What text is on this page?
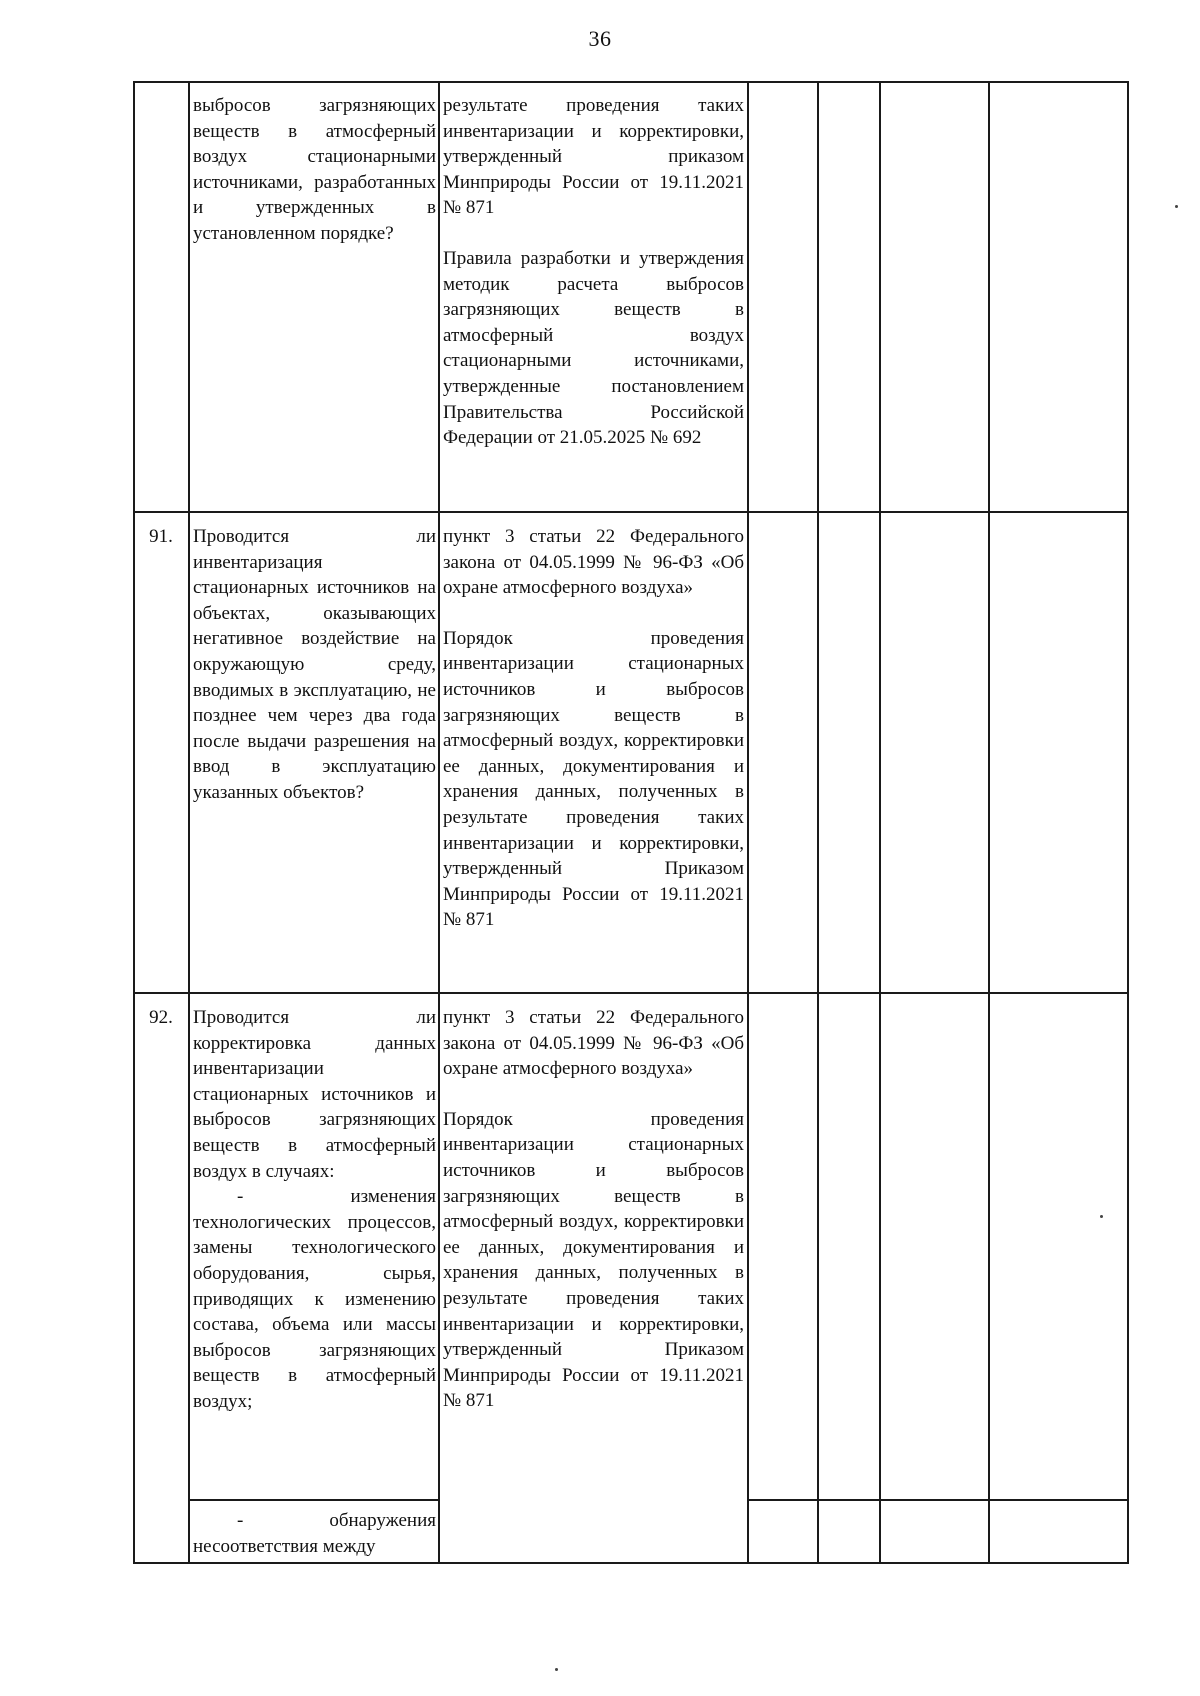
36

выбросов загрязняющих веществ в атмосферный воздух стационарными источниками, разработанных и утвержденных в установленном порядке?

результате проведения таких инвентаризации и корректировки, утвержденный приказом Минприроды России от 19.11.2021 № 871

Правила разработки и утверждения методик расчета выбросов загрязняющих веществ в атмосферный воздух стационарными источниками, утвержденные постановлением Правительства Российской Федерации от 21.05.2025 № 692

91.	Проводится ли инвентаризация стационарных источников на объектах, оказывающих негативное воздействие на окружающую среду, вводимых в эксплуатацию, не позднее чем через два года после выдачи разрешения на ввод в эксплуатацию указанных объектов?

пункт 3 статьи 22 Федерального закона от 04.05.1999 № 96-ФЗ «Об охране атмосферного воздуха»

Порядок проведения инвентаризации стационарных источников и выбросов загрязняющих веществ в атмосферный воздух, корректировки ее данных, документирования и хранения данных, полученных в результате проведения таких инвентаризации и корректировки, утвержденный Приказом Минприроды России от 19.11.2021 № 871

92.	Проводится ли корректировка данных инвентаризации стационарных источников и выбросов загрязняющих веществ в атмосферный воздух в случаях:

- изменения технологических процессов, замены технологического оборудования, сырья, приводящих к изменению состава, объема или массы выбросов загрязняющих веществ в атмосферный воздух;

- обнаружения несоответствия между

пункт 3 статьи 22 Федерального закона от 04.05.1999 № 96-ФЗ «Об охране атмосферного воздуха»

Порядок проведения инвентаризации стационарных источников и выбросов загрязняющих веществ в атмосферный воздух, корректировки ее данных, документирования и хранения данных, полученных в результате проведения таких инвентаризации и корректировки, утвержденный Приказом Минприроды России от 19.11.2021 № 871
